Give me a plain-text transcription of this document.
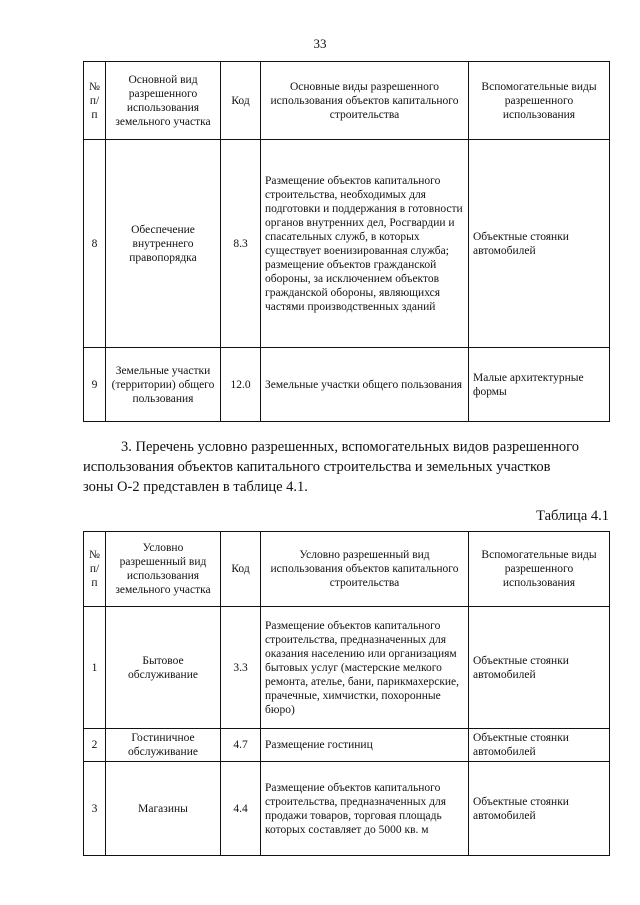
33
№ п/п	Основной вид разрешенного использования земельного участка	Код	Основные виды разрешенного использования объектов капитального строительства	Вспомогательные виды разрешенного использования
8	Обеспечение внутреннего правопорядка	8.3	Размещение объектов капитального строительства, необходимых для подготовки и поддержания в готовности органов внутренних дел, Росгвардии и спасательных служб, в которых существует военизированная служба; размещение объектов гражданской обороны, за исключением объектов гражданской обороны, являющихся частями производственных зданий	Объектные стоянки автомобилей
9	Земельные участки (территории) общего пользования	12.0	Земельные участки общего пользования	Малые архитектурные формы
3. Перечень условно разрешенных, вспомогательных видов разрешенного
использования объектов капитального строительства и земельных участков
зоны О-2 представлен в таблице 4.1.
Таблица 4.1
№ п/п	Условно разрешенный вид использования земельного участка	Код	Условно разрешенный вид использования объектов капитального строительства	Вспомогательные виды разрешенного использования
1	Бытовое обслуживание	3.3	Размещение объектов капитального строительства, предназначенных для оказания населению или организациям бытовых услуг (мастерские мелкого ремонта, ателье, бани, парикмахерские, прачечные, химчистки, похоронные бюро)	Объектные стоянки автомобилей
2	Гостиничное обслуживание	4.7	Размещение гостиниц	Объектные стоянки автомобилей
3	Магазины	4.4	Размещение объектов капитального строительства, предназначенных для продажи товаров, торговая площадь которых составляет до 5000 кв. м	Объектные стоянки автомобилей
